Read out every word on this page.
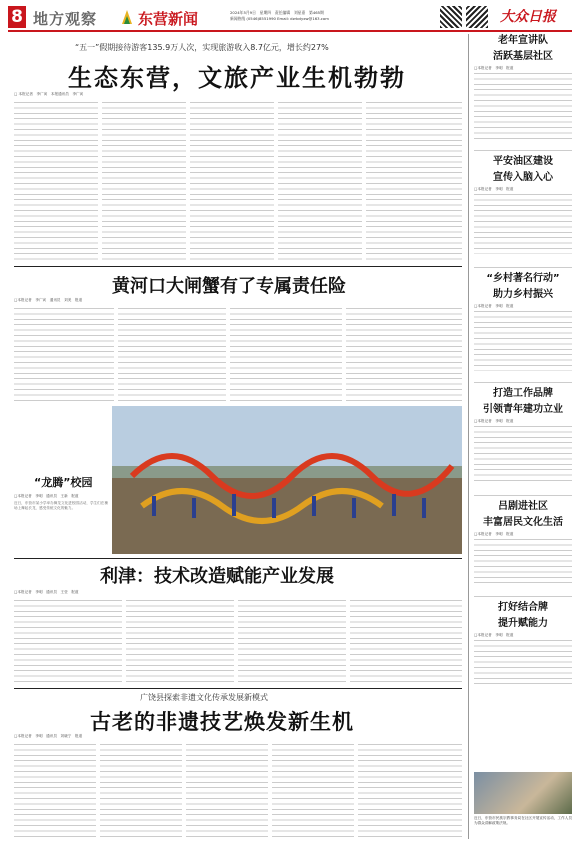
8 地方观察	东营新闻	2024年5月9日　星期四　责任编辑　刘星嘉　第465期
新闻热线 (0546)8551990 Email: dzrbdyxw@163.com	大众日报
“五一”假期接待游客135.9万人次，实现旅游收入8.7亿元，增长约27%
生态东营，文旅产业生机勃勃
□ 本报记者　李广寅　本报通讯员　李广寅
黄河口大闸蟹有了专属责任险
□本报记者　李广寅　通讯员　刘美　报道
“龙腾”校园
□本报记者　李明　通讯员　王新　报道
近日，东营市某小学举办舞龙文化进校园活动，学生们在操场上舞起长龙，感受传统文化的魅力。
利津：技术改造赋能产业发展
□本报记者　李明　通讯员　王莹　报道
广饶县探索非遗文化传承发展新模式
古老的非遗技艺焕发新生机
□本报记者　李明　通讯员　刘晓宁　报道
老年宣讲队
活跃基层社区
□本报记者　李明　报道
平安油区建设
宣传入脑入心
□本报记者　李明　报道
“乡村著名行动”
助力乡村振兴
□本报记者　李明　报道
打造工作品牌
引领青年建功立业
□本报记者　李明　报道
吕剧进社区
丰富居民文化生活
□本报记者　李明　报道
打好结合牌
提升赋能力
□本报记者　李明　报道
近日，东营市民族宗教事务局在社区开展宣传活动，工作人员为群众讲解政策法规。
